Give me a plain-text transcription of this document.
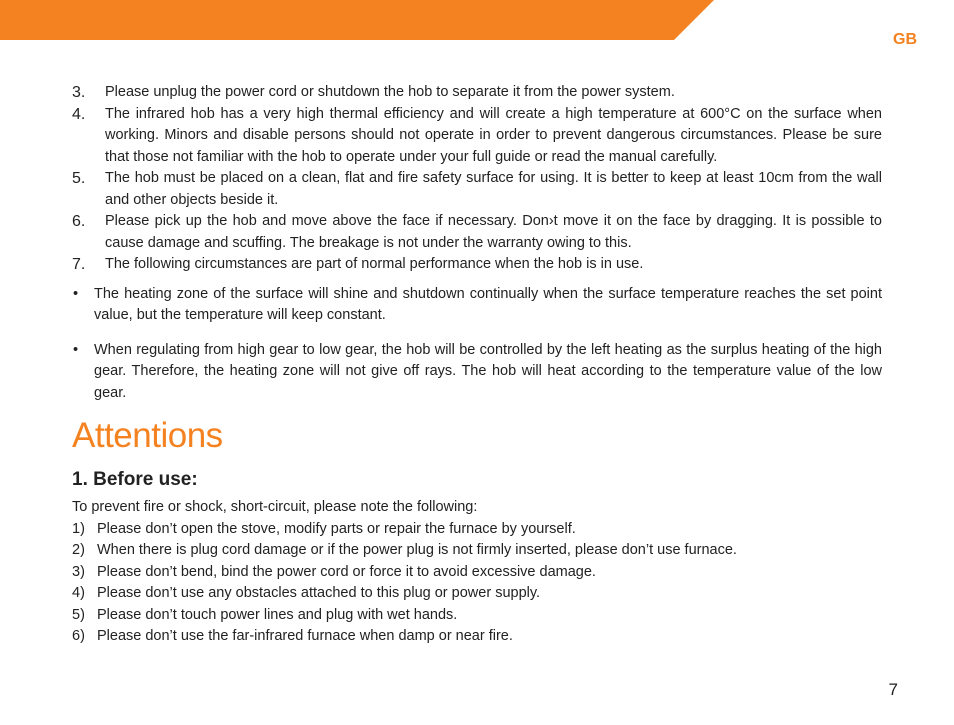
GB
3.	Please unplug the power cord or shutdown the hob to separate it from the power system.
4.	The infrared hob has a very high thermal efficiency and will create a high temperature at 600°C on the surface when working. Minors and disable persons should not operate in order to prevent dangerous circumstances. Please be sure that those not familiar with the hob to operate under your full guide or read the manual carefully.
5.	The hob must be placed on a clean, flat and fire safety surface for using. It is better to keep at least 10cm from the wall and other objects beside it.
6.	Please pick up the hob and move above the face if necessary. Don›t move it on the face by dragging. It is possible to cause damage and scuffing. The breakage is not under the warranty owing to this.
7.	The following circumstances are part of normal performance when the hob is in use.
•	The heating zone of the surface will shine and shutdown continually when the surface temperature reaches the set point value, but the temperature will keep constant.
•	When regulating from high gear to low gear, the hob will be controlled by the left heating as the surplus heating of the high gear. Therefore, the heating zone will not give off rays. The hob will heat according to the temperature value of the low gear.
Attentions
1. Before use:
To prevent fire or shock, short-circuit, please note the following:
1) Please don’t open the stove, modify parts or repair the furnace by yourself.
2) When there is plug cord damage or if the power plug is not firmly inserted, please don’t use furnace.
3) Please don’t bend, bind the power cord or force it to avoid excessive damage.
4) Please don’t use any obstacles attached to this plug or power supply.
5) Please don’t touch power lines and plug with wet hands.
6) Please don’t use the far-infrared furnace when damp or near fire.
7
